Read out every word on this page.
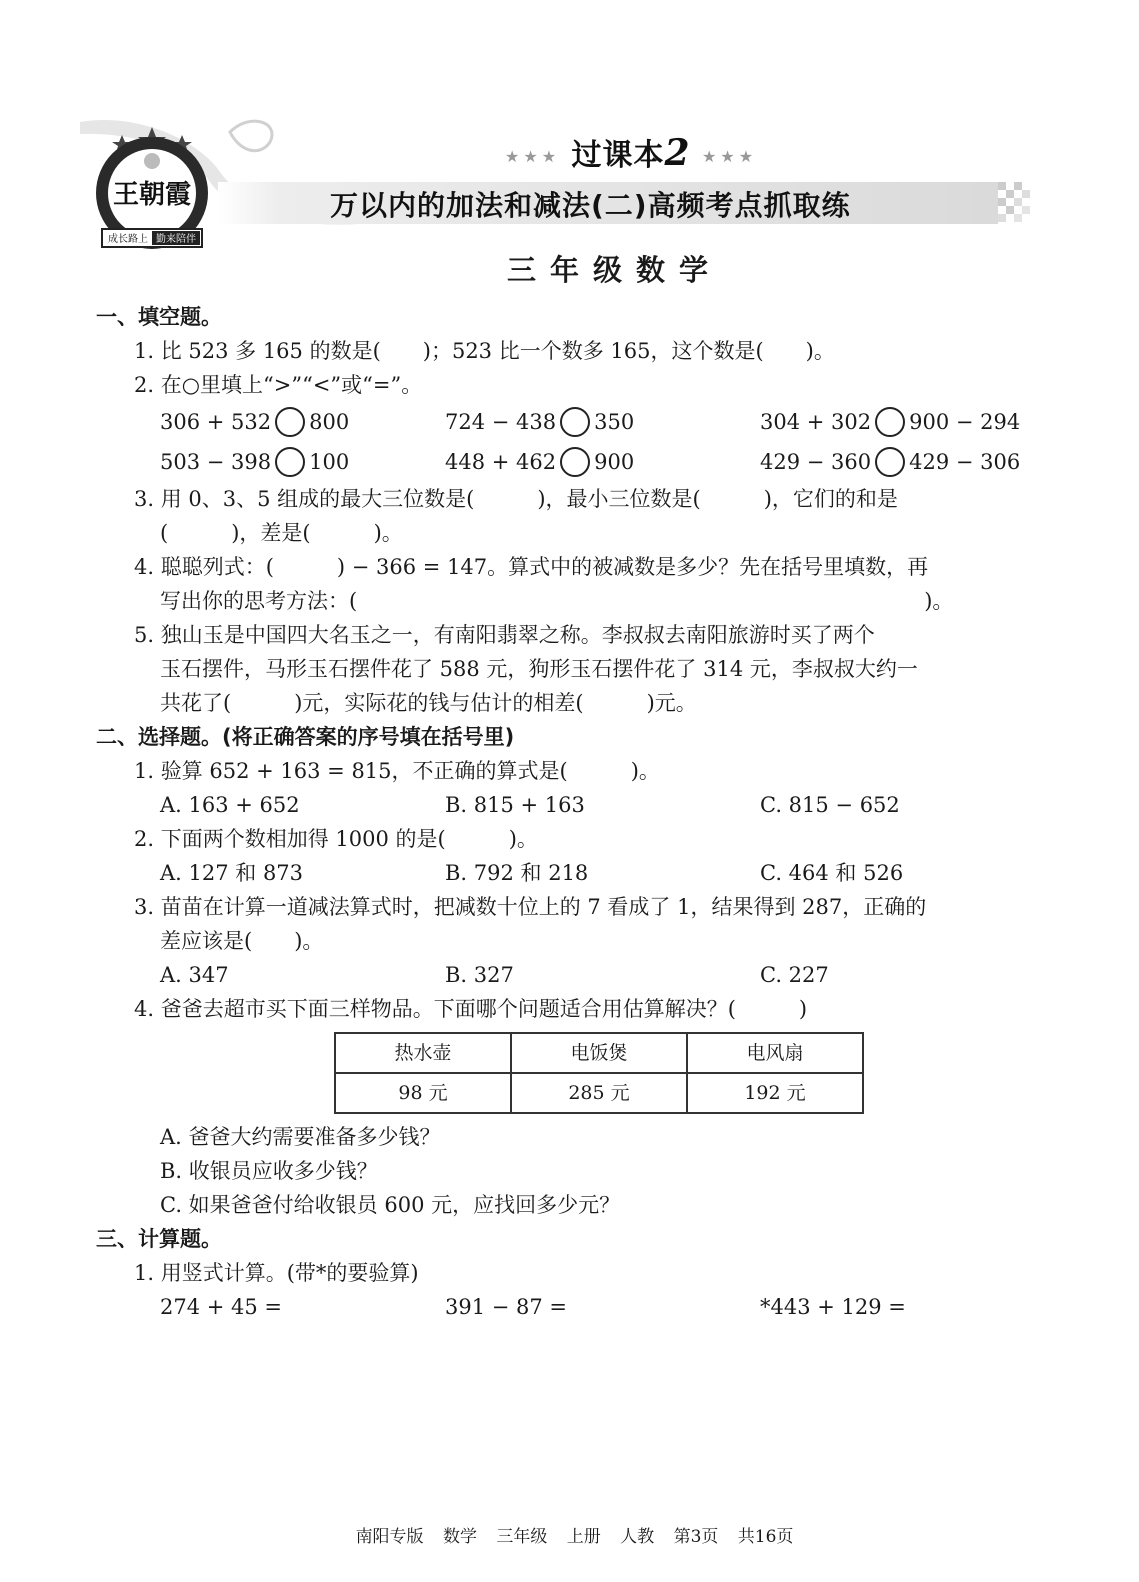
王朝霞
成长路上 勤来陪伴
★★★ 过课本2 ★★★
万以内的加法和减法(二)高频考点抓取练
三年级数学

一、填空题。

1. 比 523 多 165 的数是(　　)；523 比一个数多 165，这个数是(　　)。

2. 在○里填上“>”“<”或“=”。

306 + 532 800	724 − 438 350	304 + 302 900 − 294
503 − 398 100	448 + 462 900	429 − 360 429 − 306

3. 用 0、3、5 组成的最大三位数是(　　　)，最小三位数是(　　　)，它们的和是

(　　　)，差是(　　　)。

4. 聪聪列式：(　　　) − 366 = 147。算式中的被减数是多少？先在括号里填数，再

写出你的思考方法：(　　　　　　　　　　　　　　　　　　　　　　　　　　　)。

5. 独山玉是中国四大名玉之一，有南阳翡翠之称。李叔叔去南阳旅游时买了两个

玉石摆件，马形玉石摆件花了 588 元，狗形玉石摆件花了 314 元，李叔叔大约一

共花了(　　　)元，实际花的钱与估计的相差(　　　)元。

二、选择题。(将正确答案的序号填在括号里)

1. 验算 652 + 163 = 815，不正确的算式是(　　　)。

A. 163 + 652	B. 815 + 163	C. 815 − 652

2. 下面两个数相加得 1000 的是(　　　)。

A. 127 和 873	B. 792 和 218	C. 464 和 526

3. 苗苗在计算一道减法算式时，把减数十位上的 7 看成了 1，结果得到 287，正确的

差应该是(　　)。

A. 347	B. 327	C. 227

4. 爸爸去超市买下面三样物品。下面哪个问题适合用估算解决？(　　　)

热水壶	电饭煲	电风扇
98 元	285 元	192 元

A. 爸爸大约需要准备多少钱？

B. 收银员应收多少钱？

C. 如果爸爸付给收银员 600 元，应找回多少元？

三、计算题。

1. 用竖式计算。(带*的要验算)

274 + 45 =	391 − 87 =	*443 + 129 =
南阳专版 数学 三年级 上册 人教 第3页 共16页
